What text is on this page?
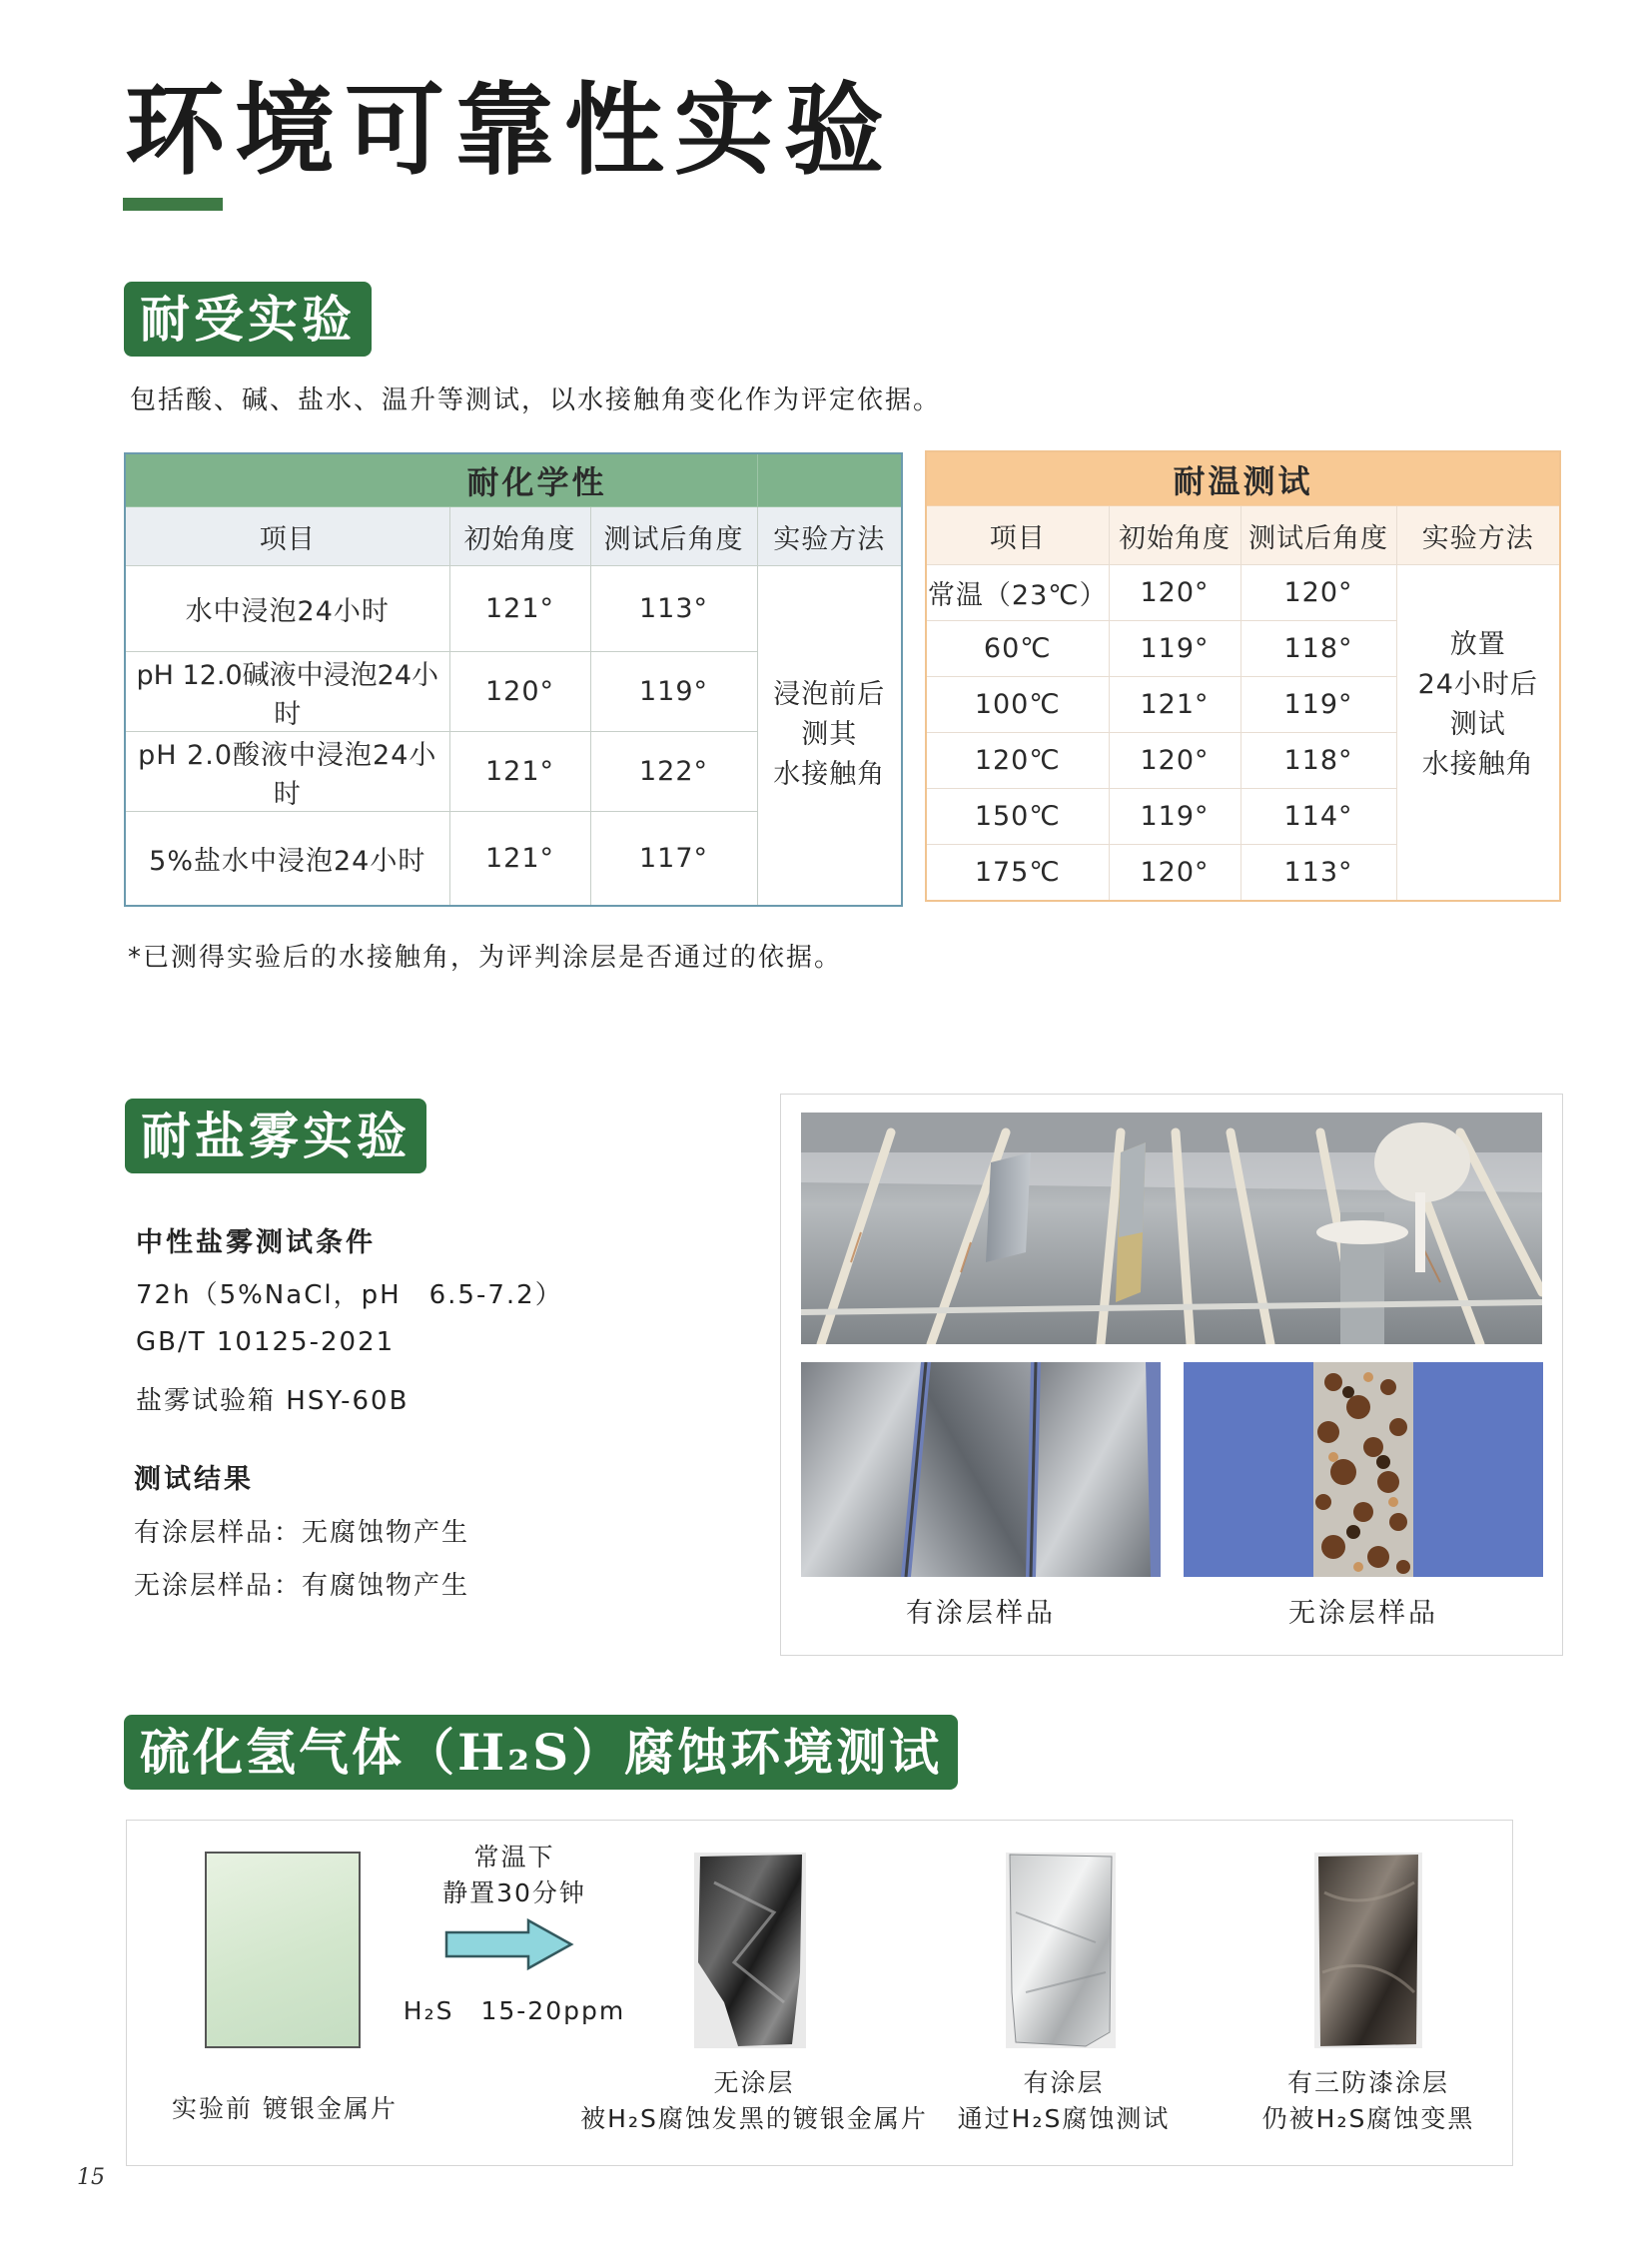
环境可靠性实验
耐受实验
包括酸、碱、盐水、温升等测试，以水接触角变化作为评定依据。
耐化学性			
项目	初始角度	测试后角度	实验方法
水中浸泡24小时	121°	113°	浸泡前后
测其
水接触角

pH 12.0碱液中浸泡24小时	120°	119°	
pH 2.0酸液中浸泡24小时	121°	122°	
5%盐水中浸泡24小时	121°	117°	
耐温测试			
项目	初始角度	测试后角度	实验方法
常温（23℃）	120°	120°	放置
24小时后
测试
水接触角

60℃	119°	118°	
100℃	121°	119°	
120℃	120°	118°	
150℃	119°	114°	
175℃	120°	113°	
*已测得实验后的水接触角，为评判涂层是否通过的依据。
耐盐雾实验
中性盐雾测试条件
72h（5%NaCl，pH　6.5-7.2）
GB/T 10125-2021
盐雾试验箱 HSY-60B
测试结果
有涂层样品：无腐蚀物产生
无涂层样品：有腐蚀物产生
有涂层样品	无涂层样品
硫化氢气体（H₂S）腐蚀环境测试
常温下
静置30分钟
H₂S　15-20ppm
实验前 镀银金属片
无涂层
被H₂S腐蚀发黑的镀银金属片
有涂层
通过H₂S腐蚀测试
有三防漆涂层
仍被H₂S腐蚀变黑
15
